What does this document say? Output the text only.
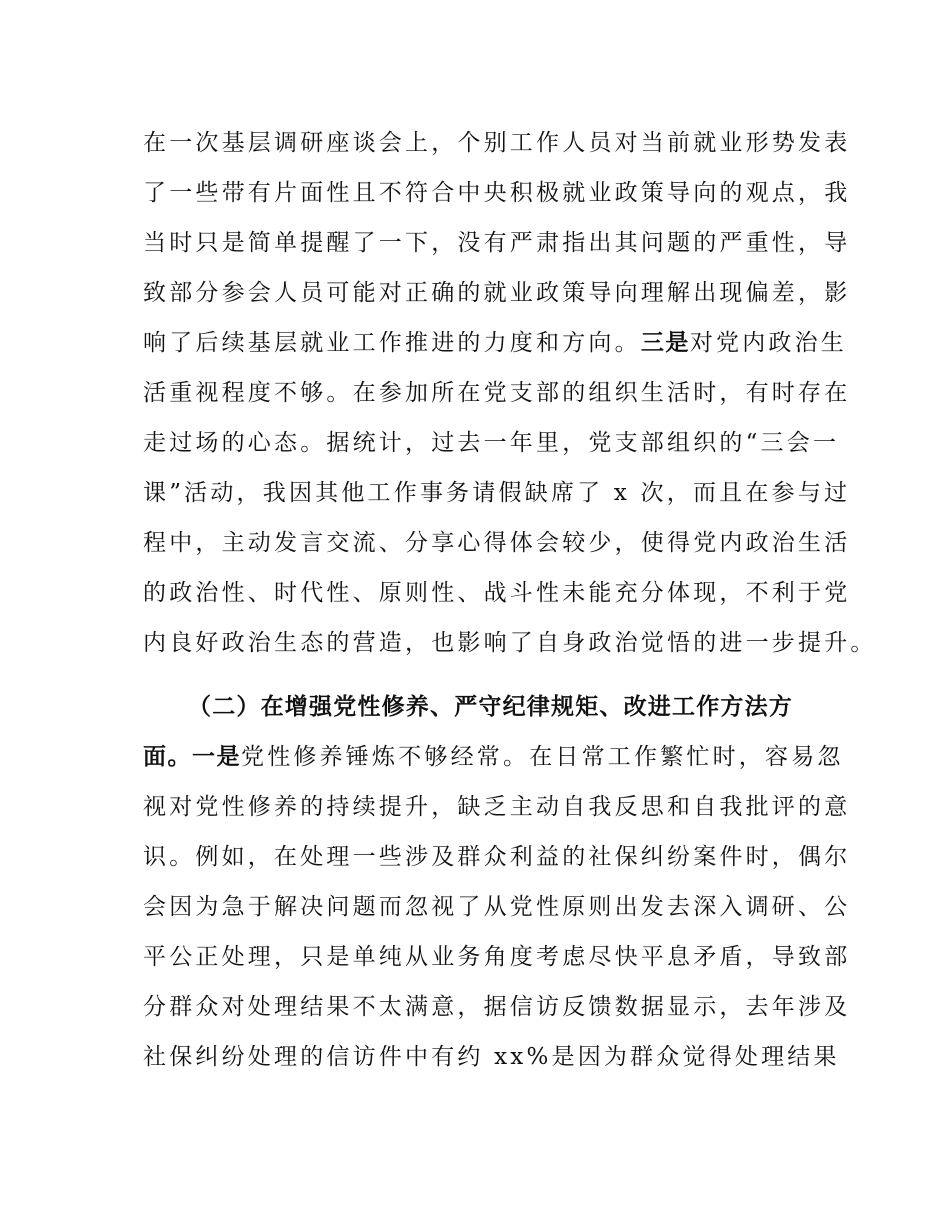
在一次基层调研座谈会上，个别工作人员对当前就业形势发表
了一些带有片面性且不符合中央积极就业政策导向的观点，我
当时只是简单提醒了一下，没有严肃指出其问题的严重性，导
致部分参会人员可能对正确的就业政策导向理解出现偏差，影
响了后续基层就业工作推进的力度和方向。三是对党内政治生
活重视程度不够。在参加所在党支部的组织生活时，有时存在
走过场的心态。据统计，过去一年里，党支部组织的“三会一
课”活动，我因其他工作事务请假缺席了 x 次，而且在参与过
程中，主动发言交流、分享心得体会较少，使得党内政治生活
的政治性、时代性、原则性、战斗性未能充分体现，不利于党
内良好政治生态的营造，也影响了自身政治觉悟的进一步提升。
（二）在增强党性修养、严守纪律规矩、改进工作方法方
面。一是党性修养锤炼不够经常。在日常工作繁忙时，容易忽
视对党性修养的持续提升，缺乏主动自我反思和自我批评的意
识。例如，在处理一些涉及群众利益的社保纠纷案件时，偶尔
会因为急于解决问题而忽视了从党性原则出发去深入调研、公
平公正处理，只是单纯从业务角度考虑尽快平息矛盾，导致部
分群众对处理结果不太满意，据信访反馈数据显示，去年涉及
社保纠纷处理的信访件中有约 xx%是因为群众觉得处理结果
